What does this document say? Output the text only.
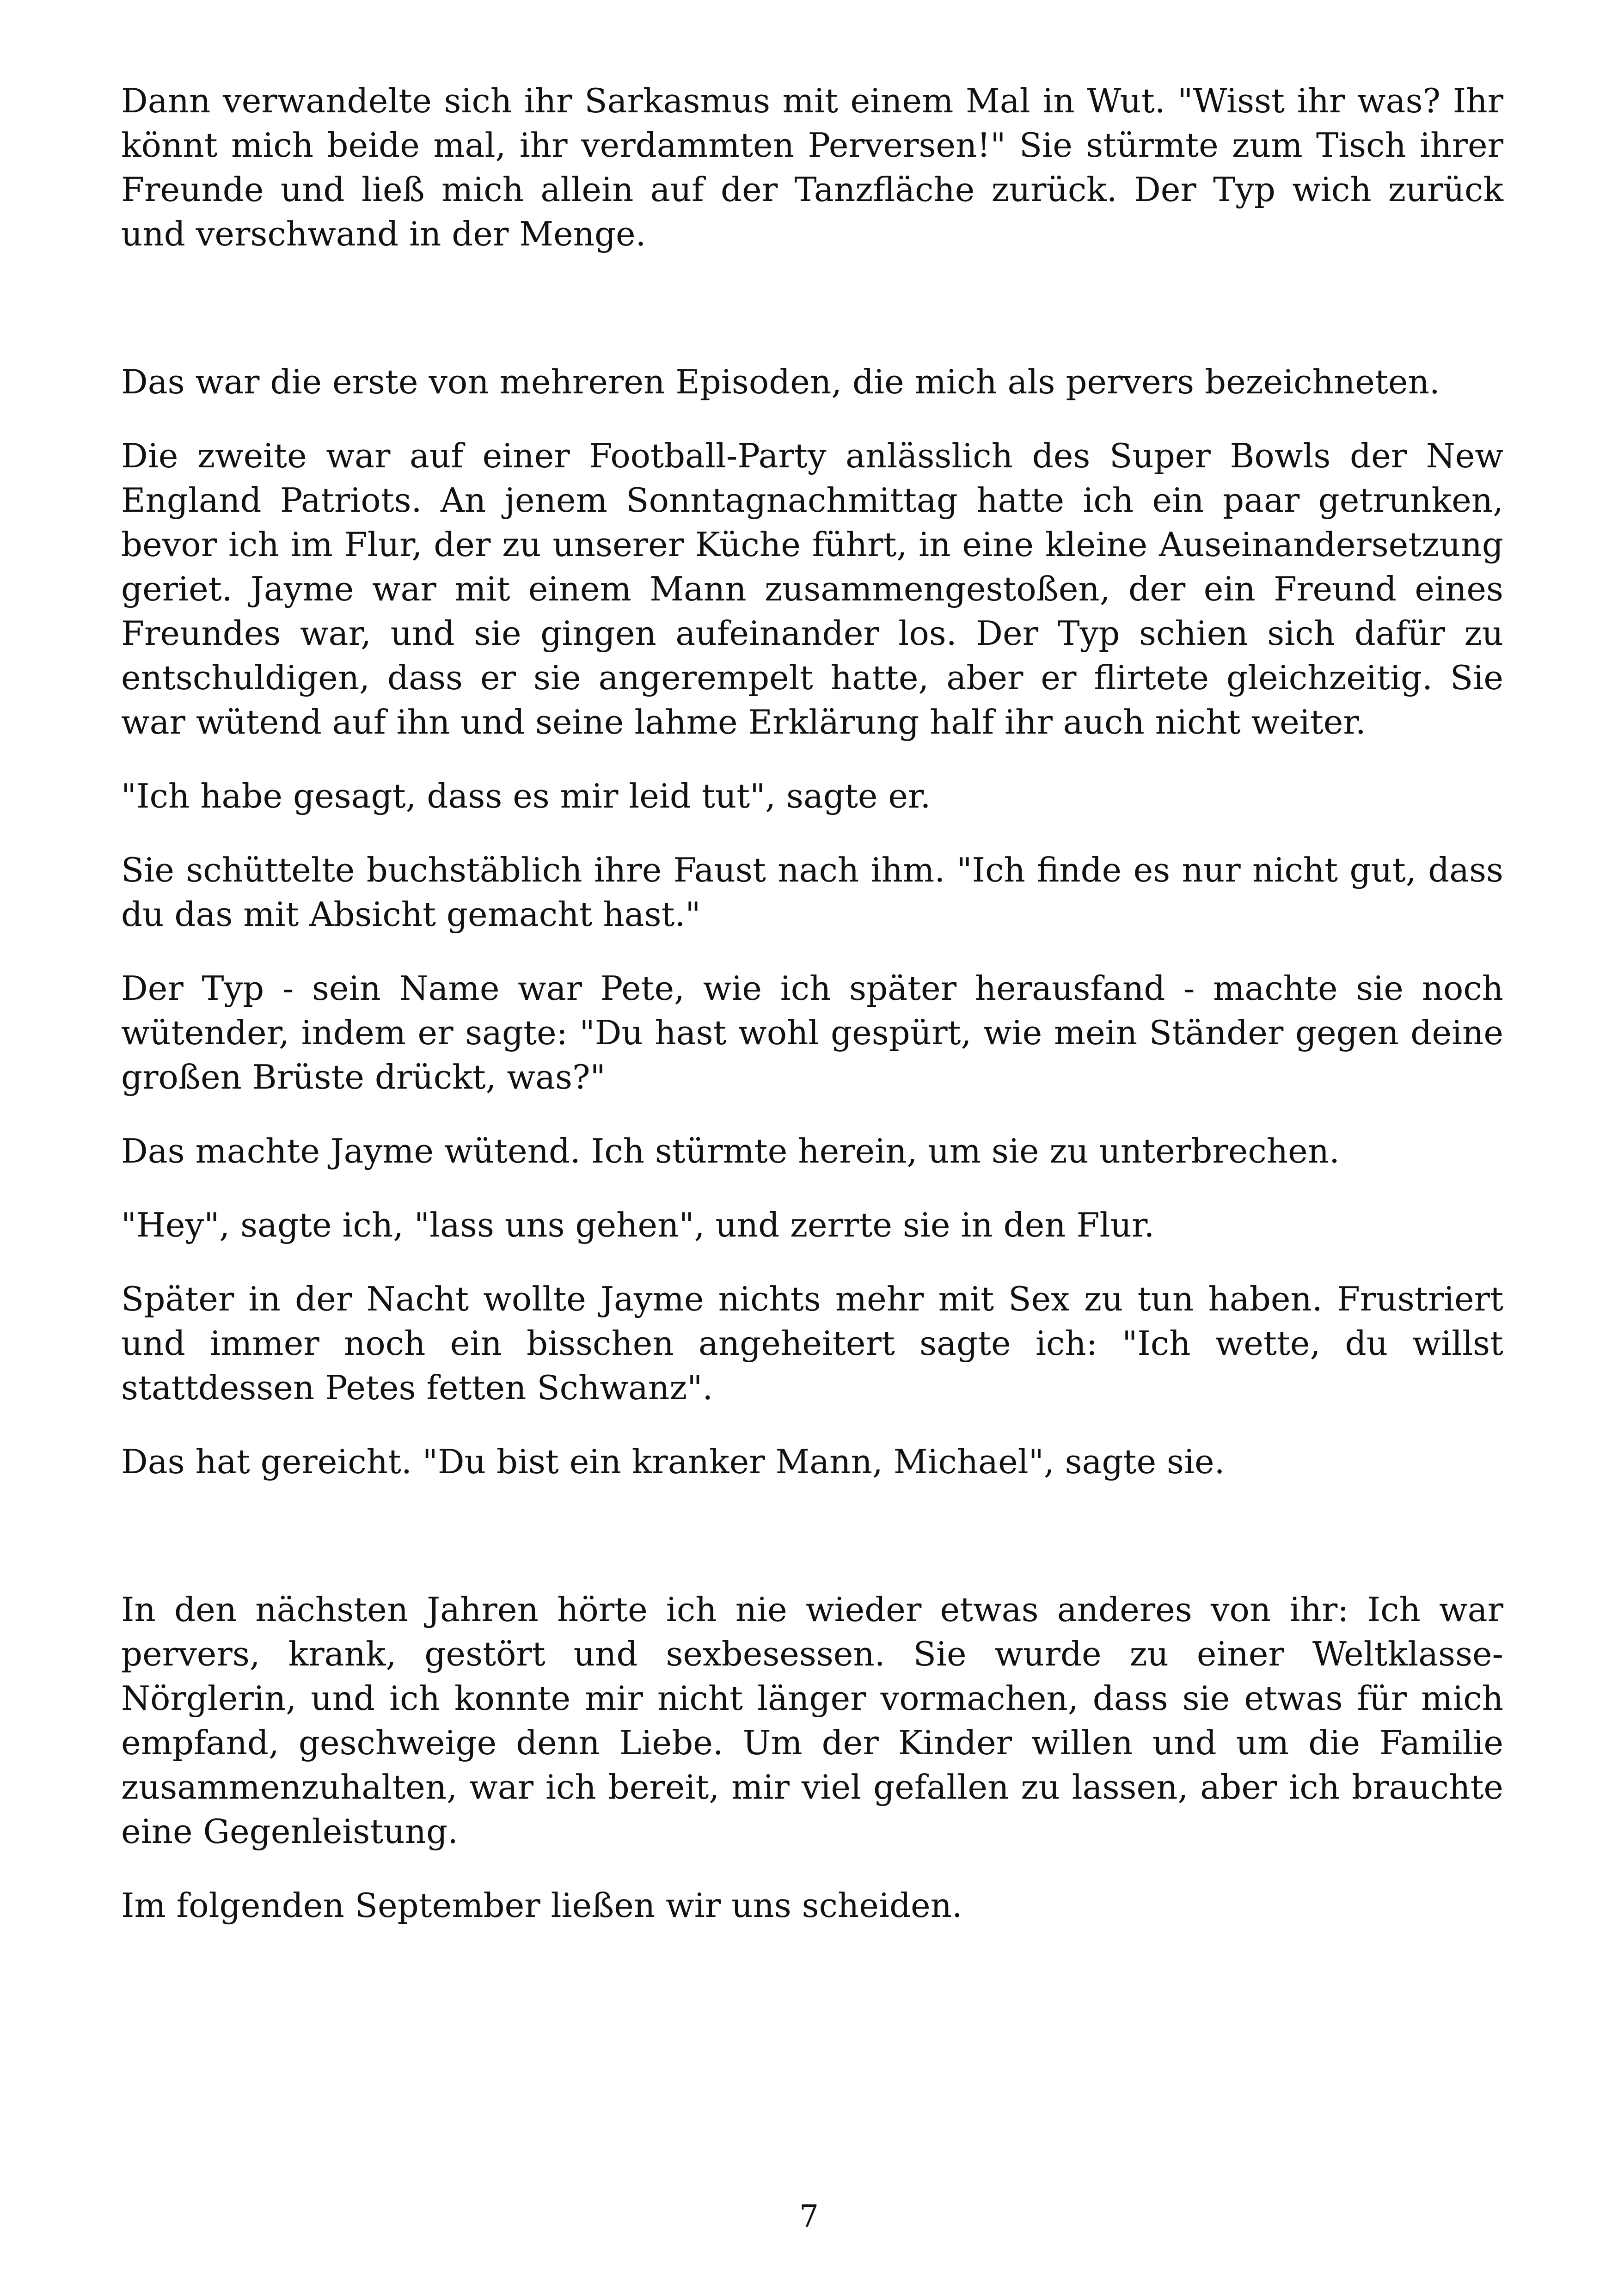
Dann verwandelte sich ihr Sarkasmus mit einem Mal in Wut. "Wisst ihr was? Ihr könnt mich beide mal, ihr verdammten Perversen!" Sie stürmte zum Tisch ihrer Freunde und ließ mich allein auf der Tanzfläche zurück. Der Typ wich zurück und verschwand in der Menge.

Das war die erste von mehreren Episoden, die mich als pervers bezeichneten.

Die zweite war auf einer Football-Party anlässlich des Super Bowls der New England Patriots. An jenem Sonntagnachmittag hatte ich ein paar getrunken, bevor ich im Flur, der zu unserer Küche führt, in eine kleine Auseinandersetzung geriet. Jayme war mit einem Mann zusammengestoßen, der ein Freund eines Freundes war, und sie gingen aufeinander los. Der Typ schien sich dafür zu entschuldigen, dass er sie angerempelt hatte, aber er flirtete gleichzeitig. Sie war wütend auf ihn und seine lahme Erklärung half ihr auch nicht weiter.

"Ich habe gesagt, dass es mir leid tut", sagte er.

Sie schüttelte buchstäblich ihre Faust nach ihm. "Ich finde es nur nicht gut, dass du das mit Absicht gemacht hast."

Der Typ - sein Name war Pete, wie ich später herausfand - machte sie noch wütender, indem er sagte: "Du hast wohl gespürt, wie mein Ständer gegen deine großen Brüste drückt, was?"

Das machte Jayme wütend. Ich stürmte herein, um sie zu unterbrechen.

"Hey", sagte ich, "lass uns gehen", und zerrte sie in den Flur.

Später in der Nacht wollte Jayme nichts mehr mit Sex zu tun haben. Frustriert und immer noch ein bisschen angeheitert sagte ich: "Ich wette, du willst stattdessen Petes fetten Schwanz".

Das hat gereicht. "Du bist ein kranker Mann, Michael", sagte sie.

In den nächsten Jahren hörte ich nie wieder etwas anderes von ihr: Ich war pervers, krank, gestört und sexbesessen. Sie wurde zu einer Weltklasse-Nörglerin, und ich konnte mir nicht länger vormachen, dass sie etwas für mich empfand, geschweige denn Liebe. Um der Kinder willen und um die Familie zusammenzuhalten, war ich bereit, mir viel gefallen zu lassen, aber ich brauchte eine Gegenleistung.

Im folgenden September ließen wir uns scheiden.

7
